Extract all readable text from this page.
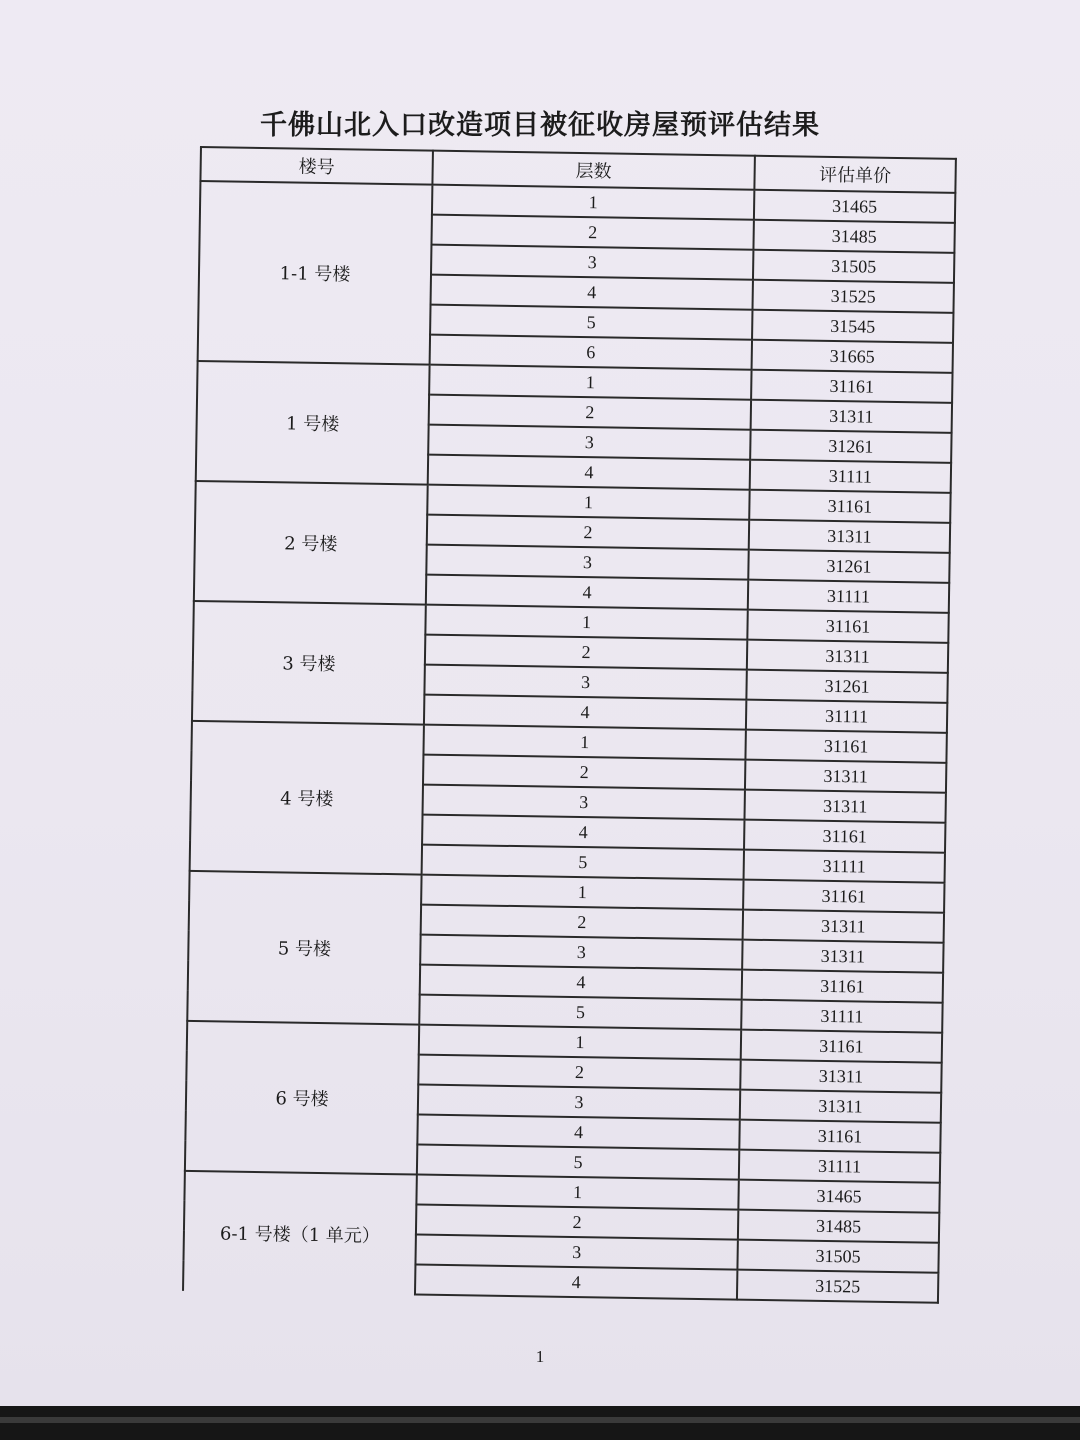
千佛山北入口改造项目被征收房屋预评估结果
楼号	层数	评估单价
1-1 号楼	1	31465
	2	31485
	3	31505
	4	31525
	5	31545
	6	31665
1 号楼	1	31161
	2	31311
	3	31261
	4	31111
2 号楼	1	31161
	2	31311
	3	31261
	4	31111
3 号楼	1	31161
	2	31311
	3	31261
	4	31111
4 号楼	1	31161
	2	31311
	3	31311
	4	31161
	5	31111
5 号楼	1	31161
	2	31311
	3	31311
	4	31161
	5	31111
6 号楼	1	31161
	2	31311
	3	31311
	4	31161
	5	31111
6-1 号楼（1 单元）	1	31465
	2	31485
	3	31505
	4	31525
1
